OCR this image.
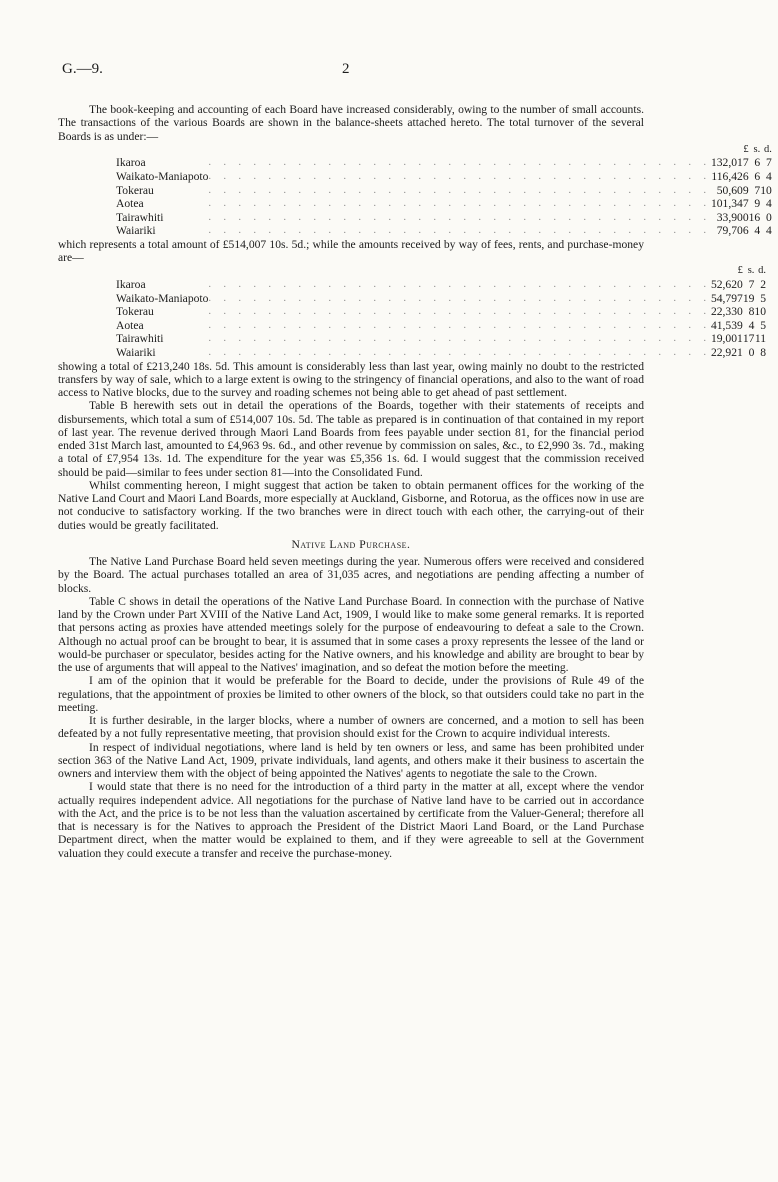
G.—9.	2

The book-keeping and accounting of each Board have increased considerably, owing to the number of small accounts. The transactions of the various Boards are shown in the balance-sheets attached hereto. The total turnover of the several Boards is as under:—

		£	s.	d.
Ikaroa	. . . . . . . . . . . . . . . . . . . . . . . . . . . . . . . . . .	132,017	6	7
Waikato-Maniapoto	. . . . . . . . . . . . . . . . . . . . . . . . . . . . . . . . . .	116,426	6	4
Tokerau	. . . . . . . . . . . . . . . . . . . . . . . . . . . . . . . . . .	50,609	7	10
Aotea	. . . . . . . . . . . . . . . . . . . . . . . . . . . . . . . . . .	101,347	9	4
Tairawhiti	. . . . . . . . . . . . . . . . . . . . . . . . . . . . . . . . . .	33,900	16	0
Waiariki	. . . . . . . . . . . . . . . . . . . . . . . . . . . . . . . . . .	79,706	4	4

which represents a total amount of £514,007 10s. 5d.; while the amounts received by way of fees, rents, and purchase-money are—

		£	s.	d.
Ikaroa	. . . . . . . . . . . . . . . . . . . . . . . . . . . . . . . . . .	52,620	7	2
Waikato-Maniapoto	. . . . . . . . . . . . . . . . . . . . . . . . . . . . . . . . . .	54,797	19	5
Tokerau	. . . . . . . . . . . . . . . . . . . . . . . . . . . . . . . . . .	22,330	8	10
Aotea	. . . . . . . . . . . . . . . . . . . . . . . . . . . . . . . . . .	41,539	4	5
Tairawhiti	. . . . . . . . . . . . . . . . . . . . . . . . . . . . . . . . . .	19,001	17	11
Waiariki	. . . . . . . . . . . . . . . . . . . . . . . . . . . . . . . . . .	22,921	0	8

showing a total of £213,240 18s. 5d. This amount is considerably less than last year, owing mainly no doubt to the restricted transfers by way of sale, which to a large extent is owing to the stringency of financial operations, and also to the want of road access to Native blocks, due to the survey and roading schemes not being able to get ahead of past settlement.

Table B herewith sets out in detail the operations of the Boards, together with their statements of receipts and disbursements, which total a sum of £514,007 10s. 5d. The table as prepared is in continuation of that contained in my report of last year. The revenue derived through Maori Land Boards from fees payable under section 81, for the financial period ended 31st March last, amounted to £4,963 9s. 6d., and other revenue by commission on sales, &c., to £2,990 3s. 7d., making a total of £7,954 13s. 1d. The expenditure for the year was £5,356 1s. 6d. I would suggest that the commission received should be paid—similar to fees under section 81—into the Consolidated Fund.

Whilst commenting hereon, I might suggest that action be taken to obtain permanent offices for the working of the Native Land Court and Maori Land Boards, more especially at Auckland, Gisborne, and Rotorua, as the offices now in use are not conducive to satisfactory working. If the two branches were in direct touch with each other, the carrying-out of their duties would be greatly facilitated.

Native Land Purchase.

The Native Land Purchase Board held seven meetings during the year. Numerous offers were received and considered by the Board. The actual purchases totalled an area of 31,035 acres, and negotiations are pending affecting a number of blocks.

Table C shows in detail the operations of the Native Land Purchase Board. In connection with the purchase of Native land by the Crown under Part XVIII of the Native Land Act, 1909, I would like to make some general remarks. It is reported that persons acting as proxies have attended meetings solely for the purpose of endeavouring to defeat a sale to the Crown. Although no actual proof can be brought to bear, it is assumed that in some cases a proxy represents the lessee of the land or would-be purchaser or speculator, besides acting for the Native owners, and his knowledge and ability are brought to bear by the use of arguments that will appeal to the Natives' imagination, and so defeat the motion before the meeting.

I am of the opinion that it would be preferable for the Board to decide, under the provisions of Rule 49 of the regulations, that the appointment of proxies be limited to other owners of the block, so that outsiders could take no part in the meeting.

It is further desirable, in the larger blocks, where a number of owners are concerned, and a motion to sell has been defeated by a not fully representative meeting, that provision should exist for the Crown to acquire individual interests.

In respect of individual negotiations, where land is held by ten owners or less, and same has been prohibited under section 363 of the Native Land Act, 1909, private individuals, land agents, and others make it their business to ascertain the owners and interview them with the object of being appointed the Natives' agents to negotiate the sale to the Crown.

I would state that there is no need for the introduction of a third party in the matter at all, except where the vendor actually requires independent advice. All negotiations for the purchase of Native land have to be carried out in accordance with the Act, and the price is to be not less than the valuation ascertained by certificate from the Valuer-General; therefore all that is necessary is for the Natives to approach the President of the District Maori Land Board, or the Land Purchase Department direct, when the matter would be explained to them, and if they were agreeable to sell at the Government valuation they could execute a transfer and receive the purchase-money.
